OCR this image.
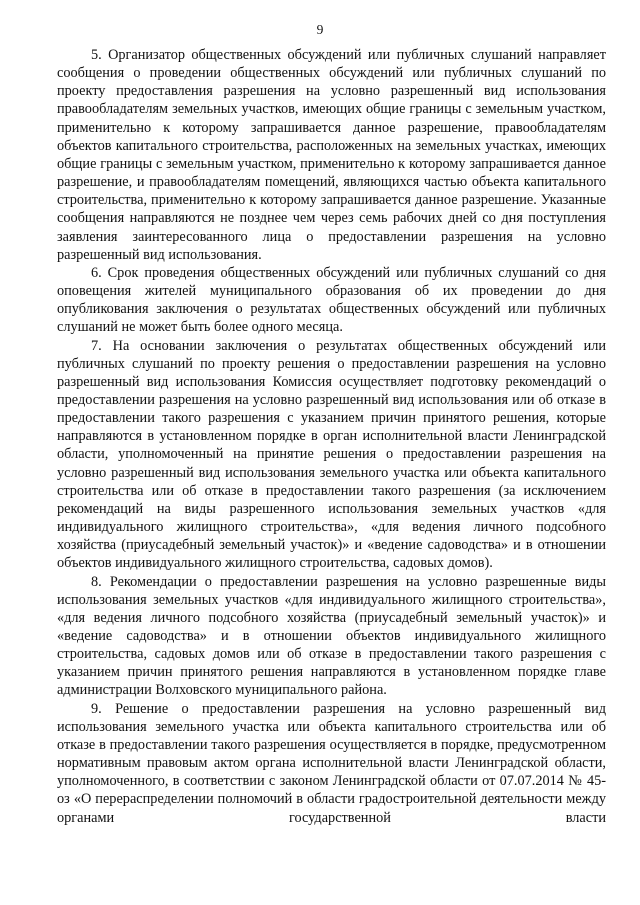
9

5. Организатор общественных обсуждений или публичных слушаний направляет сообщения о проведении общественных обсуждений или публичных слушаний по проекту предоставления разрешения на условно разрешенный вид использования правообладателям земельных участков, имеющих общие границы с земельным участком, применительно к которому запрашивается данное разрешение, правообладателям объектов капитального строительства, расположенных на земельных участках, имеющих общие границы с земельным участком, применительно к которому запрашивается данное разрешение, и правообладателям помещений, являющихся частью объекта капитального строительства, применительно к которому запрашивается данное разрешение. Указанные сообщения направляются не позднее чем через семь рабочих дней со дня поступления заявления заинтересованного лица о предоставлении разрешения на условно разрешенный вид использования.

6. Срок проведения общественных обсуждений или публичных слушаний со дня оповещения жителей муниципального образования об их проведении до дня опубликования заключения о результатах общественных обсуждений или публичных слушаний не может быть более одного месяца.

7. На основании заключения о результатах общественных обсуждений или публичных слушаний по проекту решения о предоставлении разрешения на условно разрешенный вид использования Комиссия осуществляет подготовку рекомендаций о предоставлении разрешения на условно разрешенный вид использования или об отказе в предоставлении такого разрешения с указанием причин принятого решения, которые направляются в установленном порядке в орган исполнительной власти Ленинградской области, уполномоченный на принятие решения о предоставлении разрешения на условно разрешенный вид использования земельного участка или объекта капитального строительства или об отказе в предоставлении такого разрешения (за исключением рекомендаций на виды разрешенного использования земельных участков «для индивидуального жилищного строительства», «для ведения личного подсобного хозяйства (приусадебный земельный участок)» и «ведение садоводства» и в отношении объектов индивидуального жилищного строительства, садовых домов).

8. Рекомендации о предоставлении разрешения на условно разрешенные виды использования земельных участков «для индивидуального жилищного строительства», «для ведения личного подсобного хозяйства (приусадебный земельный участок)» и «ведение садоводства» и в отношении объектов индивидуального жилищного строительства, садовых домов или об отказе в предоставлении такого разрешения с указанием причин принятого решения направляются в установленном порядке главе администрации Волховского муниципального района.

9. Решение о предоставлении разрешения на условно разрешенный вид использования земельного участка или объекта капитального строительства или об отказе в предоставлении такого разрешения осуществляется в порядке, предусмотренном нормативным правовым актом органа исполнительной власти Ленинградской области, уполномоченного, в соответствии с законом Ленинградской области от 07.07.2014 № 45-оз «О перераспределении полномочий в области градостроительной деятельности между органами государственной власти
